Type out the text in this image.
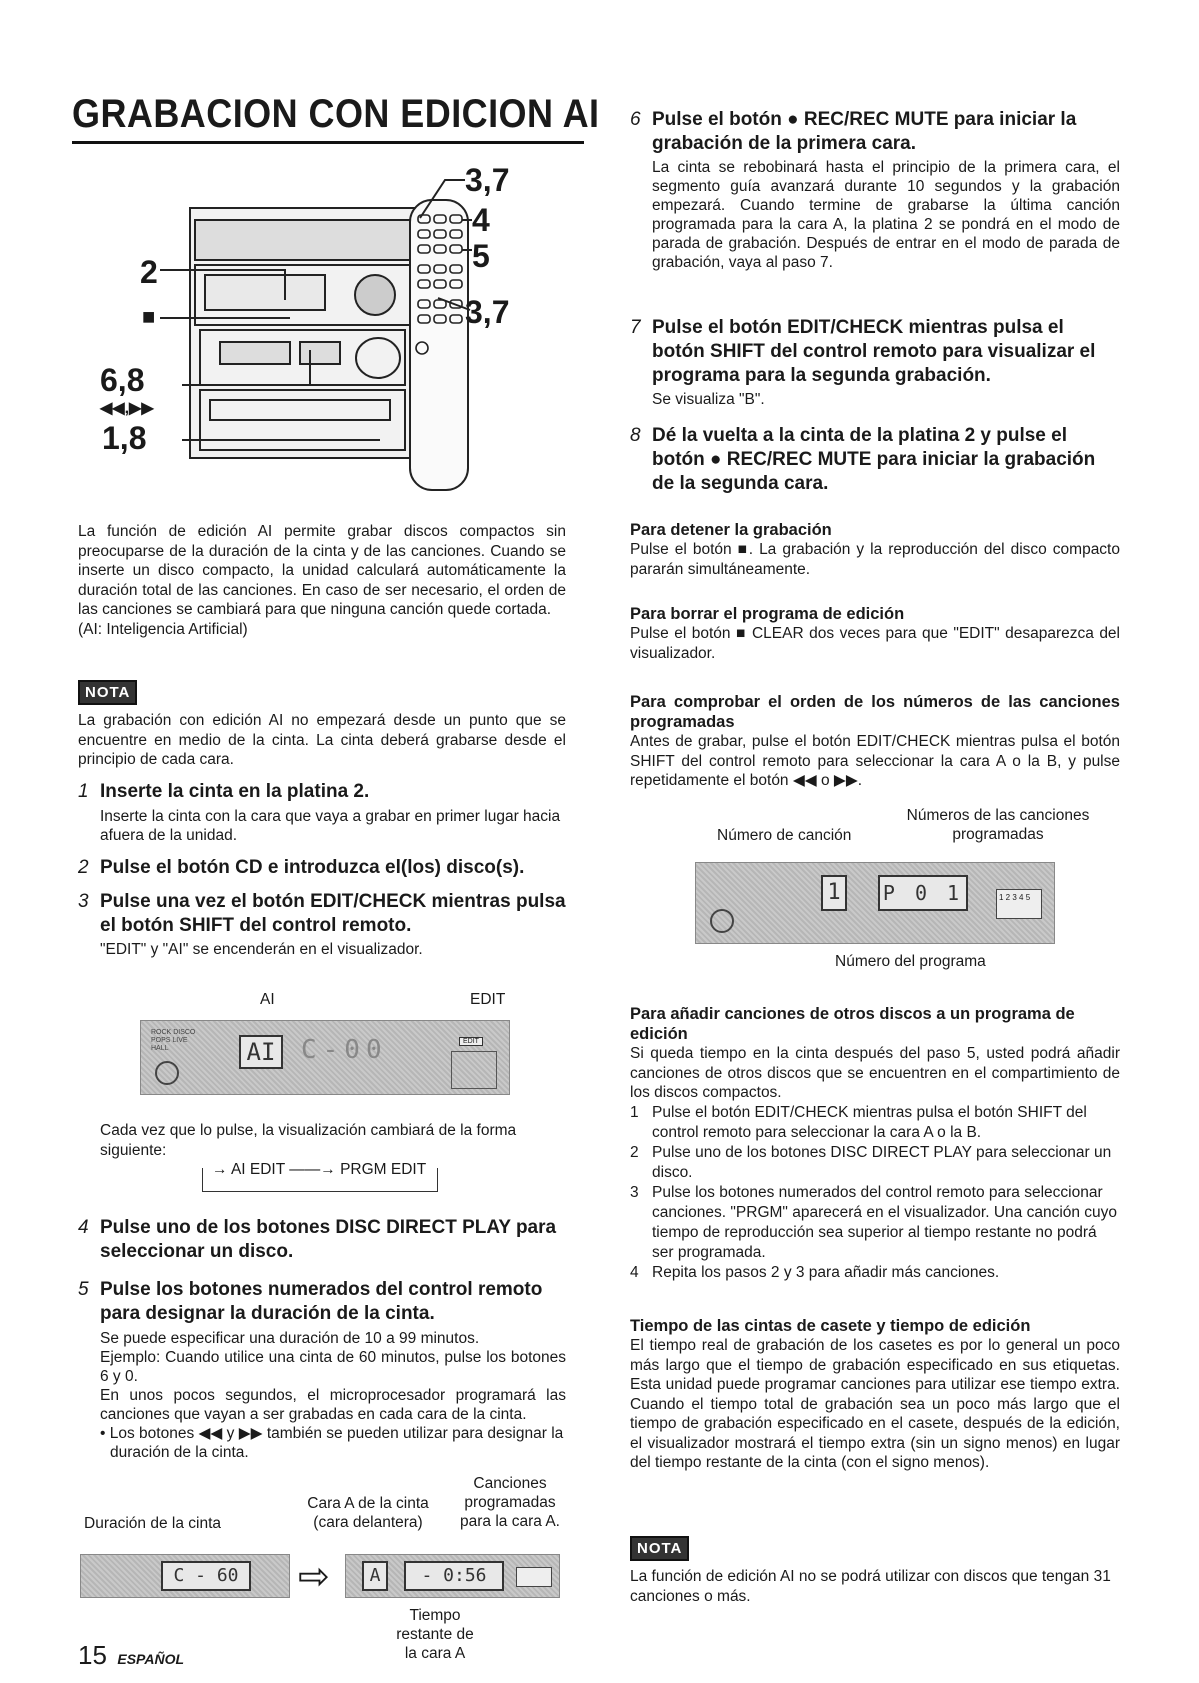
GRABACION CON EDICION AI
3,7
4
5
3,7
2
■
6,8
◀◀,▶▶
1,8
La función de edición AI permite grabar discos compactos sin preocuparse de la duración de la cinta y de las canciones. Cuando se inserte un disco compacto, la unidad calculará automáticamente la duración total de las canciones. En caso de ser necesario, el orden de las canciones se cambiará para que ninguna canción quede cortada.
(AI: Inteligencia Artificial)
NOTA
La grabación con edición AI no empezará desde un punto que se encuentre en medio de la cinta. La cinta deberá grabarse desde el principio de cada cara.
1 Inserte la cinta en la platina 2.
Inserte la cinta con la cara que vaya a grabar en primer lugar hacia afuera de la unidad.
2 Pulse el botón CD e introduzca el(los) disco(s).
3 Pulse una vez el botón EDIT/CHECK mientras pulsa el botón SHIFT del control remoto.
"EDIT" y "AI" se encenderán en el visualizador.
AI	EDIT
ROCK DISCO
POPS LIVE
HALL	AI C-00	EDIT
Cada vez que lo pulse, la visualización cambiará de la forma siguiente:
→ AI EDIT ——→ PRGM EDIT
4 Pulse uno de los botones DISC DIRECT PLAY para seleccionar un disco.
5 Pulse los botones numerados del control remoto para designar la duración de la cinta.
Se puede especificar una duración de 10 a 99 minutos.
Ejemplo: Cuando utilice una cinta de 60 minutos, pulse los botones 6 y 0.
En unos pocos segundos, el microprocesador programará las canciones que vayan a ser grabadas en cada cara de la cinta.
• Los botones ◀◀ y ▶▶ también se pueden utilizar para designar la duración de la cinta.
Duración de la cinta
Cara A de la cinta (cara delantera)
Canciones programadas para la cara A.
C - 60	⇨	A	- 0:56
Tiempo restante de la cara A
15 ESPAÑOL
6 Pulse el botón ● REC/REC MUTE para iniciar la grabación de la primera cara.
La cinta se rebobinará hasta el principio de la primera cara, el segmento guía avanzará durante 10 segundos y la grabación empezará. Cuando termine de grabarse la última canción programada para la cara A, la platina 2 se pondrá en el modo de parada de grabación. Después de entrar en el modo de parada de grabación, vaya al paso 7.
7 Pulse el botón EDIT/CHECK mientras pulsa el botón SHIFT del control remoto para visualizar el programa para la segunda grabación.
Se visualiza "B".
8 Dé la vuelta a la cinta de la platina 2 y pulse el botón ● REC/REC MUTE para iniciar la grabación de la segunda cara.
Para detener la grabación
Pulse el botón ■. La grabación y la reproducción del disco compacto pararán simultáneamente.
Para borrar el programa de edición
Pulse el botón ■ CLEAR dos veces para que "EDIT" desaparezca del visualizador.
Para comprobar el orden de los números de las canciones programadas
Antes de grabar, pulse el botón EDIT/CHECK mientras pulsa el botón SHIFT del control remoto para seleccionar la cara A o la B, y pulse repetidamente el botón ◀◀ o ▶▶.
Número de canción
Números de las canciones programadas
1	P 0 1	1 2 3 4 5
Número del programa
Para añadir canciones de otros discos a un programa de edición
Si queda tiempo en la cinta después del paso 5, usted podrá añadir canciones de otros discos que se encuentren en el compartimiento de los discos compactos.
1 Pulse el botón EDIT/CHECK mientras pulsa el botón SHIFT del control remoto para seleccionar la cara A o la B.
2 Pulse uno de los botones DISC DIRECT PLAY para seleccionar un disco.
3 Pulse los botones numerados del control remoto para seleccionar canciones. "PRGM" aparecerá en el visualizador. Una canción cuyo tiempo de reproducción sea superior al tiempo restante no podrá ser programada.
4 Repita los pasos 2 y 3 para añadir más canciones.
Tiempo de las cintas de casete y tiempo de edición
El tiempo real de grabación de los casetes es por lo general un poco más largo que el tiempo de grabación especificado en sus etiquetas. Esta unidad puede programar canciones para utilizar ese tiempo extra. Cuando el tiempo total de grabación sea un poco más largo que el tiempo de grabación especificado en el casete, después de la edición, el visualizador mostrará el tiempo extra (sin un signo menos) en lugar del tiempo restante de la cinta (con el signo menos).
NOTA
La función de edición AI no se podrá utilizar con discos que tengan 31 canciones o más.
